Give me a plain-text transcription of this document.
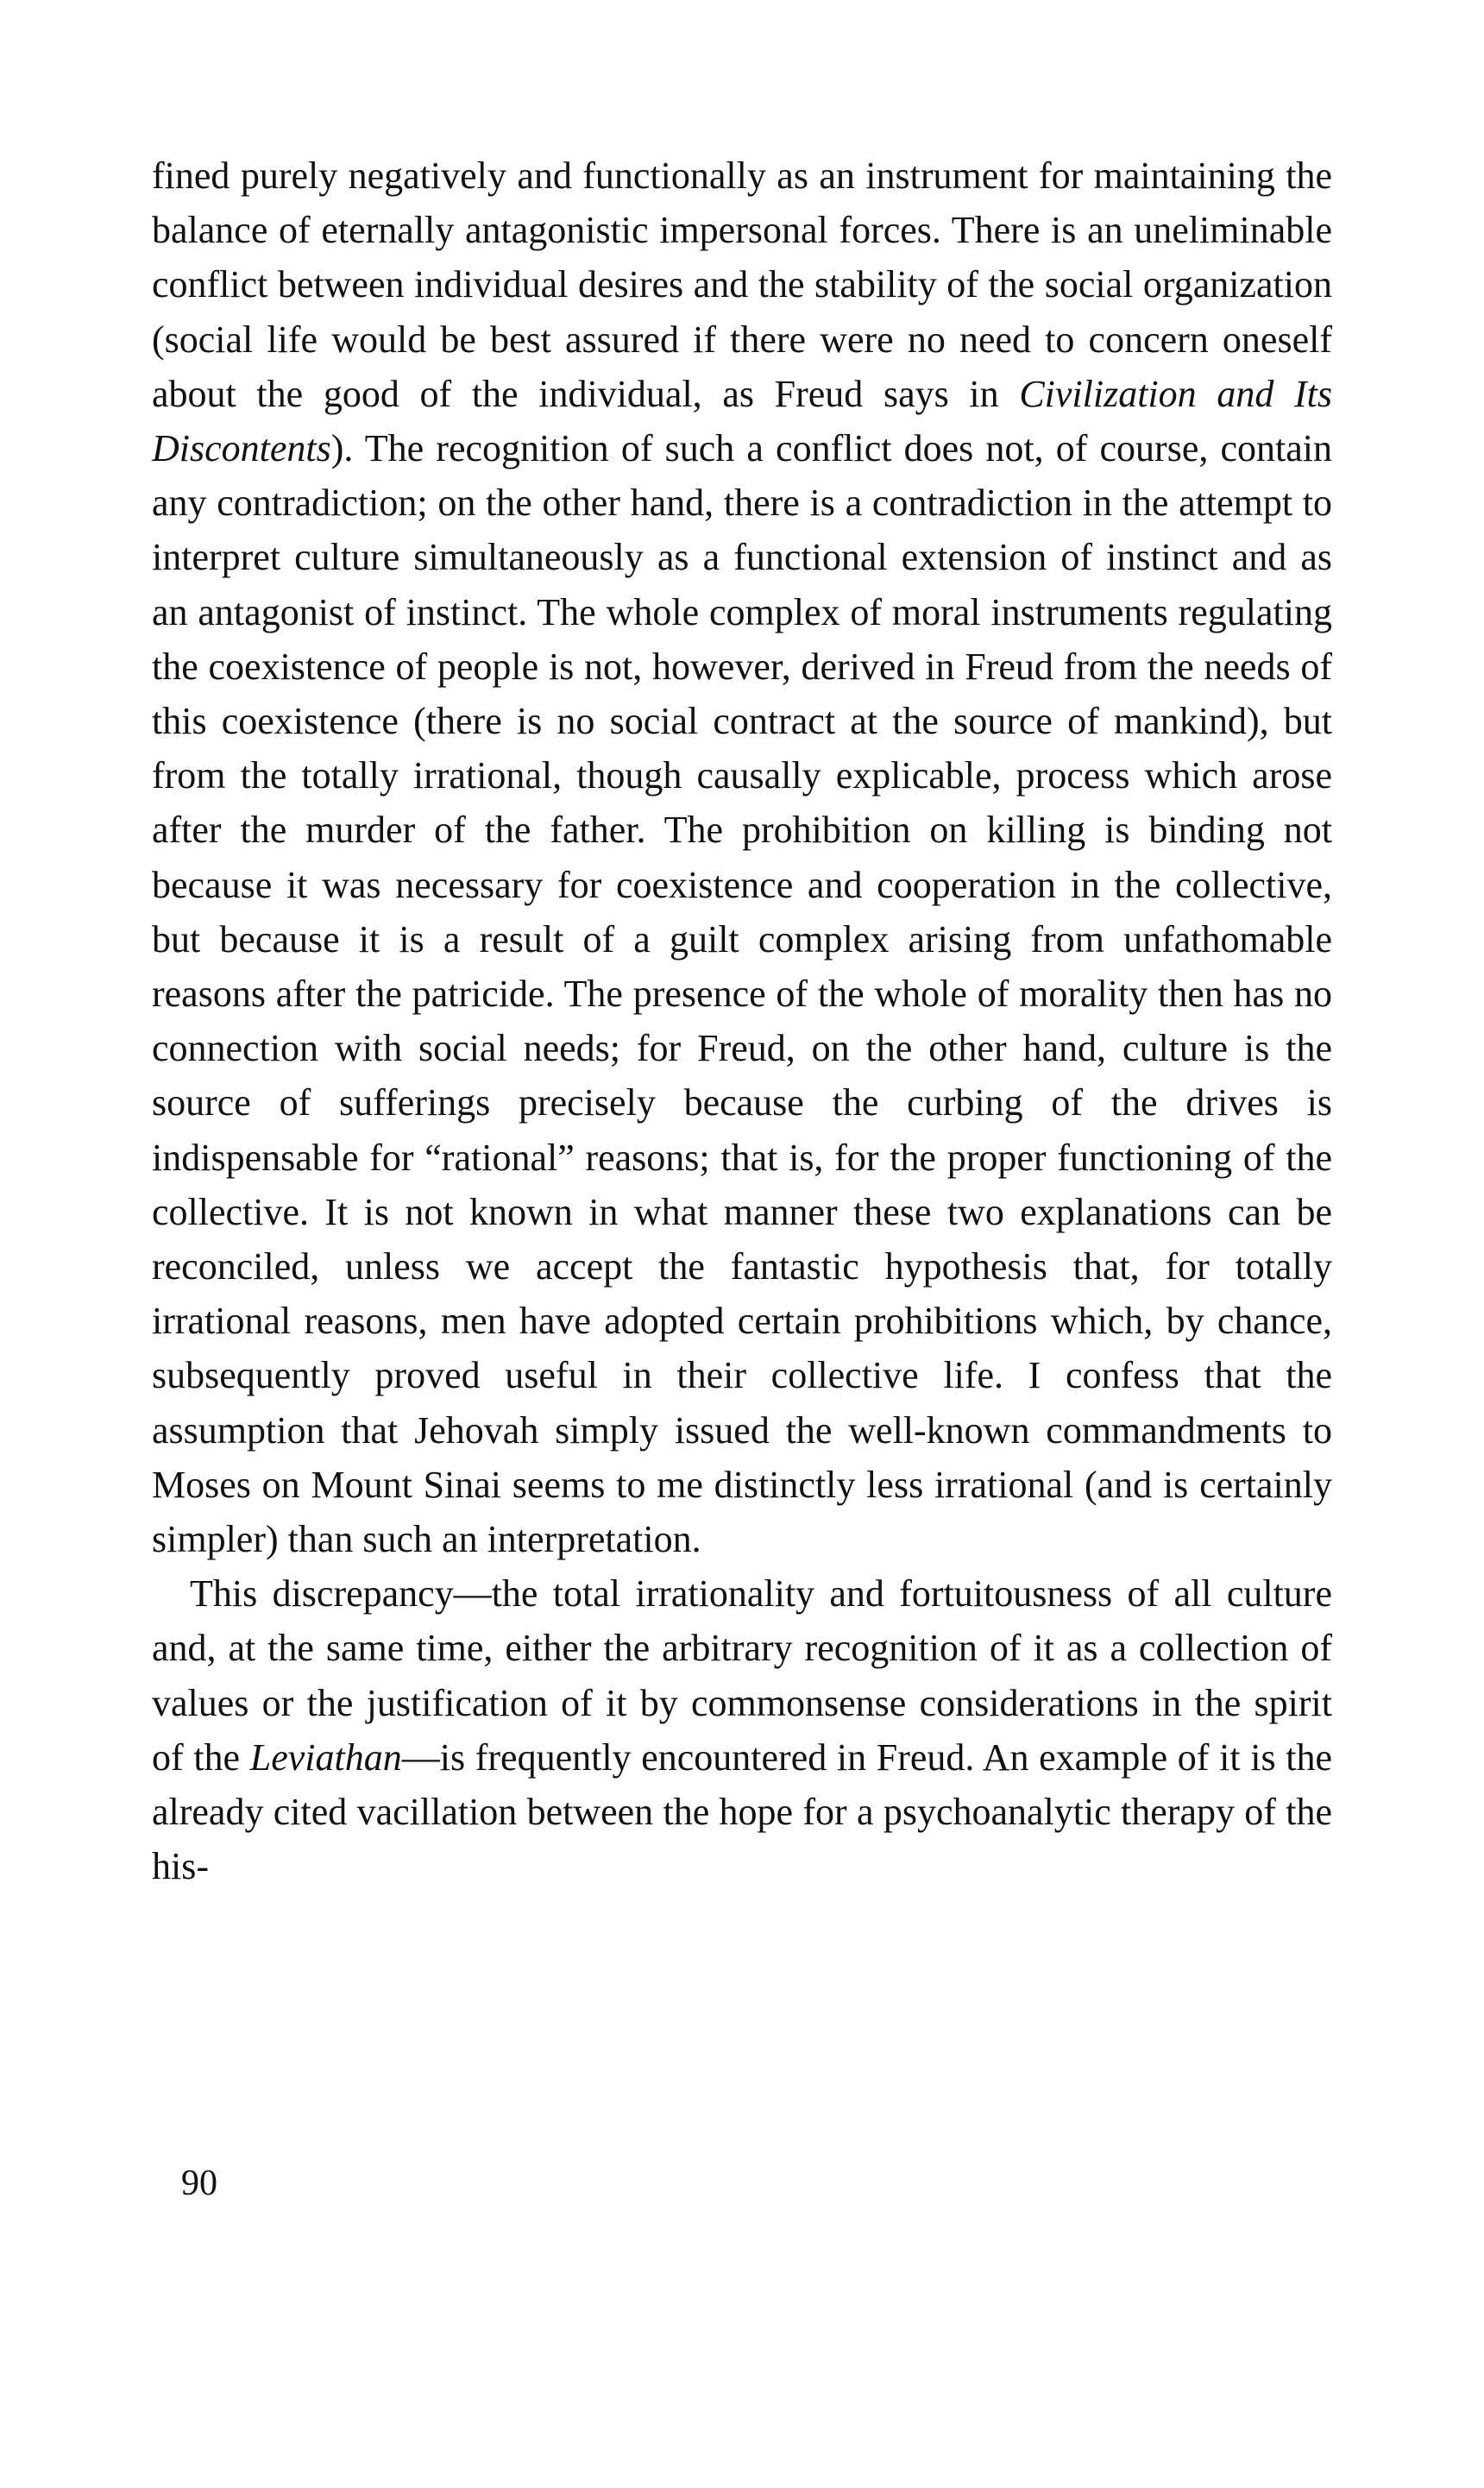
fined purely negatively and functionally as an instrument for maintaining the balance of eternally antagonistic impersonal forces. There is an uneliminable conflict between individual desires and the stability of the social organization (social life would be best assured if there were no need to concern oneself about the good of the individual, as Freud says in Civilization and Its Discontents). The recognition of such a conflict does not, of course, contain any contradiction; on the other hand, there is a contradiction in the attempt to interpret culture simultaneously as a functional extension of instinct and as an antagonist of instinct. The whole complex of moral instruments regulating the coexistence of people is not, however, derived in Freud from the needs of this coexistence (there is no social contract at the source of mankind), but from the totally irrational, though causally explicable, process which arose after the murder of the father. The prohibition on killing is binding not because it was necessary for coexistence and cooperation in the collective, but because it is a result of a guilt complex arising from unfathomable reasons after the patricide. The presence of the whole of morality then has no connection with social needs; for Freud, on the other hand, culture is the source of sufferings precisely because the curbing of the drives is indispensable for “rational” reasons; that is, for the proper functioning of the collective. It is not known in what manner these two explanations can be reconciled, unless we accept the fantastic hypothesis that, for totally irrational reasons, men have adopted certain prohibitions which, by chance, subsequently proved useful in their collective life. I confess that the assumption that Jehovah simply issued the well-known commandments to Moses on Mount Sinai seems to me distinctly less irrational (and is certainly simpler) than such an interpretation.

This discrepancy—the total irrationality and fortuitousness of all culture and, at the same time, either the arbitrary recognition of it as a collection of values or the justification of it by commonsense considerations in the spirit of the Leviathan—is frequently encountered in Freud. An example of it is the already cited vacillation between the hope for a psychoanalytic therapy of the his-

90
